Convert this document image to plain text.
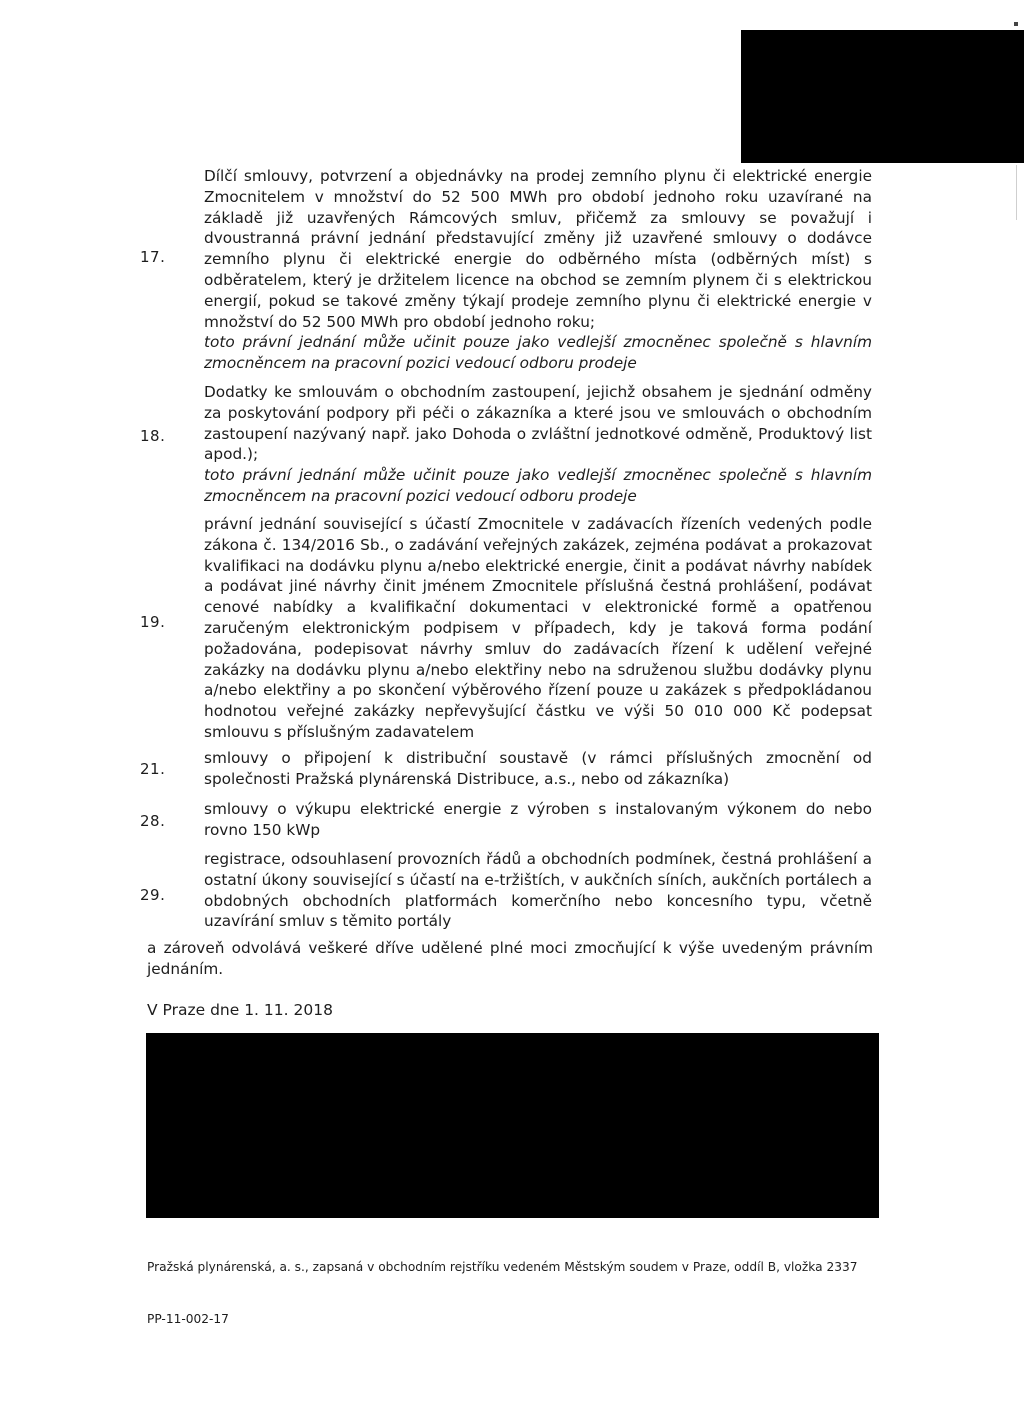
17.

Dílčí smlouvy, potvrzení a objednávky na prodej zemního plynu či elektrické energie Zmocnitelem v množství do 52 500 MWh pro období jednoho roku uzavírané na základě již uzavřených Rámcových smluv, přičemž za smlouvy se považují i dvoustranná právní jednání představující změny již uzavřené smlouvy o dodávce zemního plynu či elektrické energie do odběrného místa (odběrných míst) s odběratelem, který je držitelem licence na obchod se zemním plynem či s elektrickou energií, pokud se takové změny týkají prodeje zemního plynu či elektrické energie v množství do 52 500 MWh pro období jednoho roku;

toto právní jednání může učinit pouze jako vedlejší zmocněnec společně s hlavním zmocněncem na pracovní pozici vedoucí odboru prodeje

18.

Dodatky ke smlouvám o obchodním zastoupení, jejichž obsahem je sjednání odměny za poskytování podpory při péči o zákazníka a které jsou ve smlouvách o obchodním zastoupení nazývaný např. jako Dohoda o zvláštní jednotkové odměně, Produktový list apod.);

toto právní jednání může učinit pouze jako vedlejší zmocněnec společně s hlavním zmocněncem na pracovní pozici vedoucí odboru prodeje

19.

právní jednání související s účastí Zmocnitele v zadávacích řízeních vedených podle zákona č. 134/2016 Sb., o zadávání veřejných zakázek, zejména podávat a prokazovat kvalifikaci na dodávku plynu a/nebo elektrické energie, činit a podávat návrhy nabídek a podávat jiné návrhy činit jménem Zmocnitele příslušná čestná prohlášení, podávat cenové nabídky a kvalifikační dokumentaci v elektronické formě a opatřenou zaručeným elektronickým podpisem v případech, kdy je taková forma podání požadována, podepisovat návrhy smluv do zadávacích řízení k udělení veřejné zakázky na dodávku plynu a/nebo elektřiny nebo na sdruženou službu dodávky plynu a/nebo elektřiny a po skončení výběrového řízení pouze u zakázek s předpokládanou hodnotou veřejné zakázky nepřevyšující částku ve výši 50 010 000 Kč podepsat smlouvu s příslušným zadavatelem

21.

smlouvy o připojení k distribuční soustavě (v rámci příslušných zmocnění od společnosti Pražská plynárenská Distribuce, a.s., nebo od zákazníka)

28.

smlouvy o výkupu elektrické energie z výroben s instalovaným výkonem do nebo rovno 150 kWp

29.

registrace, odsouhlasení provozních řádů a obchodních podmínek, čestná prohlášení a ostatní úkony související s účastí na e-tržištích, v aukčních síních, aukčních portálech a obdobných obchodních platformách komerčního nebo koncesního typu, včetně uzavírání smluv s těmito portály

a zároveň odvolává veškeré dříve udělené plné moci zmocňující k výše uvedeným právním jednáním.
V Praze dne 1. 11. 2018
Pražská plynárenská, a. s., zapsaná v obchodním rejstříku vedeném Městským soudem v Praze, oddíl B, vložka 2337
PP-11-002-17
